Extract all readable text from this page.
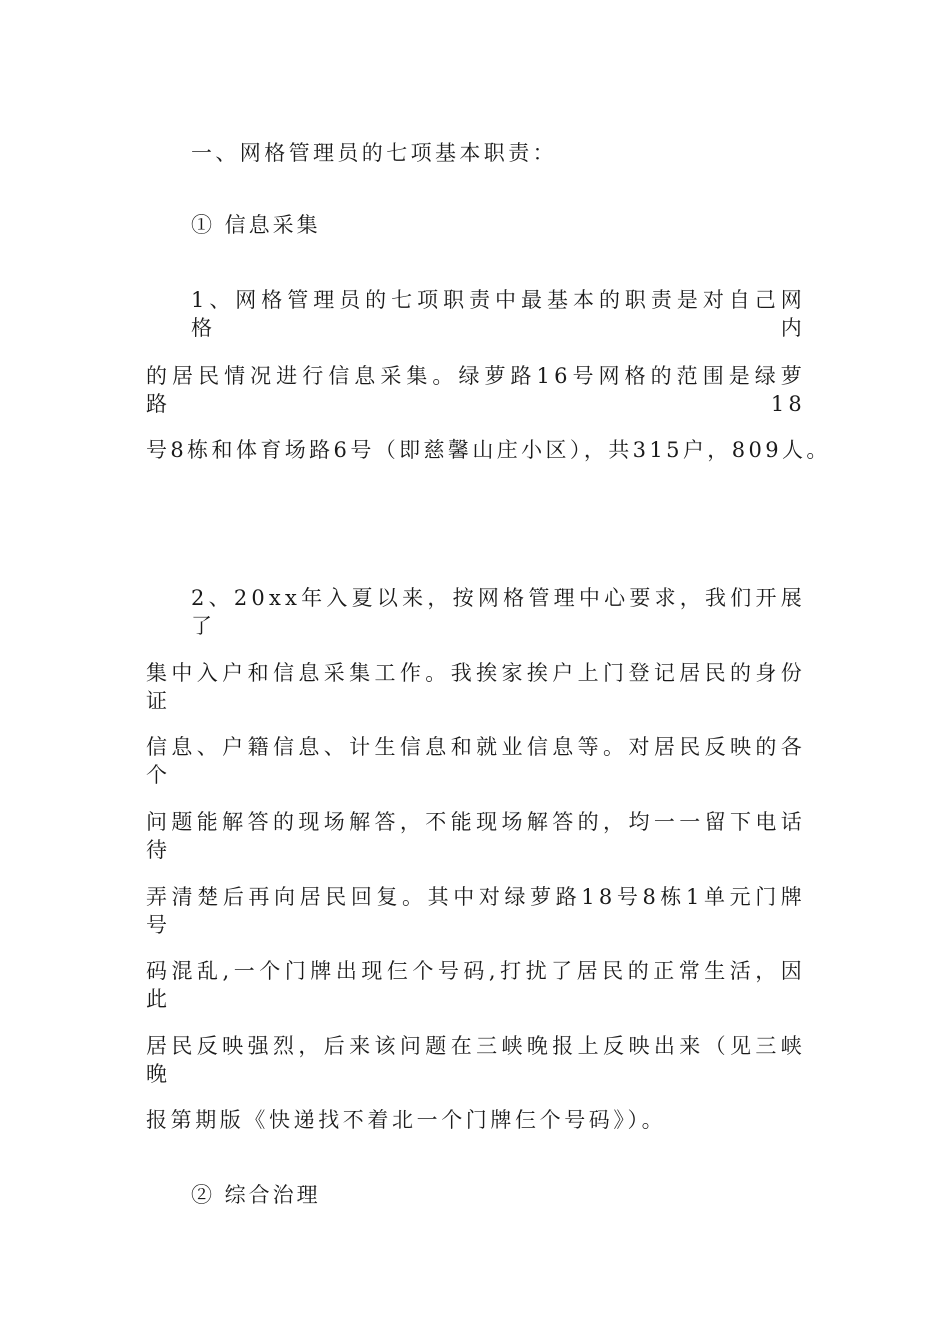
一、网格管理员的七项基本职责：
① 信息采集
1、网格管理员的七项职责中最基本的职责是对自己网格内
的居民情况进行信息采集。绿萝路16号网格的范围是绿萝路18
号8栋和体育场路6号（即慈馨山庄小区），共315户，809人。
2、20xx年入夏以来，按网格管理中心要求，我们开展了
集中入户和信息采集工作。我挨家挨户上门登记居民的身份证
信息、户籍信息、计生信息和就业信息等。对居民反映的各个
问题能解答的现场解答，不能现场解答的，均一一留下电话待
弄清楚后再向居民回复。其中对绿萝路18号8栋1单元门牌号
码混乱,一个门牌出现仨个号码,打扰了居民的正常生活，因此
居民反映强烈，后来该问题在三峡晚报上反映出来（见三峡晚
报第期版《快递找不着北一个门牌仨个号码》）。
② 综合治理
